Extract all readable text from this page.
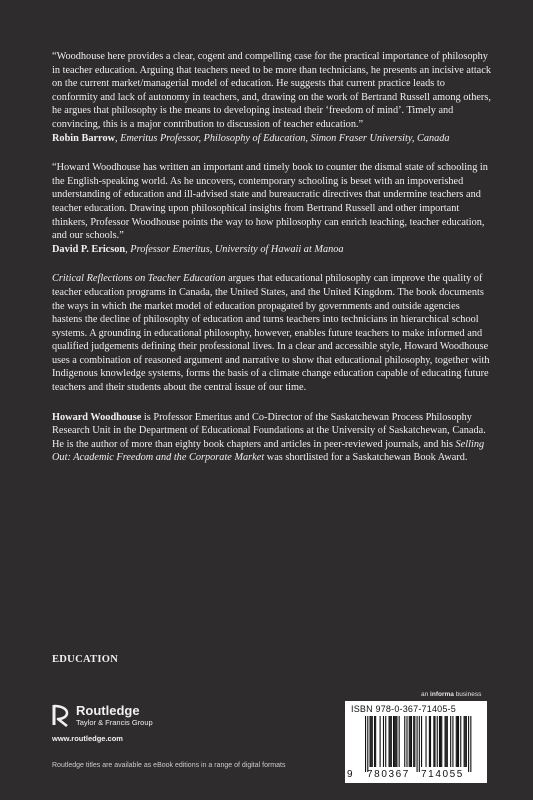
“Woodhouse here provides a clear, cogent and compelling case for the practical importance of philosophy in teacher education. Arguing that teachers need to be more than technicians, he presents an incisive attack on the current market/managerial model of education. He suggests that current practice leads to conformity and lack of autonomy in teachers, and, drawing on the work of Bertrand Russell among others, he argues that philosophy is the means to developing instead their ‘freedom of mind’. Timely and convincing, this is a major contribution to discussion of teacher education.”

Robin Barrow, Emeritus Professor, Philosophy of Education, Simon Fraser University, Canada

“Howard Woodhouse has written an important and timely book to counter the dismal state of schooling in the English-speaking world. As he uncovers, contemporary schooling is beset with an impoverished understanding of education and ill-advised state and bureaucratic directives that undermine teachers and teacher education. Drawing upon philosophical insights from Bertrand Russell and other important thinkers, Professor Woodhouse points the way to how philosophy can enrich teaching, teacher education, and our schools.”

David P. Ericson, Professor Emeritus, University of Hawaii at Manoa

Critical Reflections on Teacher Education argues that educational philosophy can improve the quality of teacher education programs in Canada, the United States, and the United Kingdom. The book documents the ways in which the market model of education propagated by governments and outside agencies hastens the decline of philosophy of education and turns teachers into technicians in hierarchical school systems. A grounding in educational philosophy, however, enables future teachers to make informed and qualified judgements defining their professional lives. In a clear and accessible style, Howard Woodhouse uses a combination of reasoned argument and narrative to show that educational philosophy, together with Indigenous knowledge systems, forms the basis of a climate change education capable of educating future teachers and their students about the central issue of our time.

Howard Woodhouse is Professor Emeritus and Co-Director of the Saskatchewan Process Philosophy Research Unit in the Department of Educational Foundations at the University of Saskatchewan, Canada. He is the author of more than eighty book chapters and articles in peer-reviewed journals, and his Selling Out: Academic Freedom and the Corporate Market was shortlisted for a Saskatchewan Book Award.

EDUCATION
Routledge
Taylor & Francis Group
www.routledge.com
Routledge titles are available as eBook editions in a range of digital formats
an informa business
ISBN 978-0-367-71405-5
9 780367 714055
